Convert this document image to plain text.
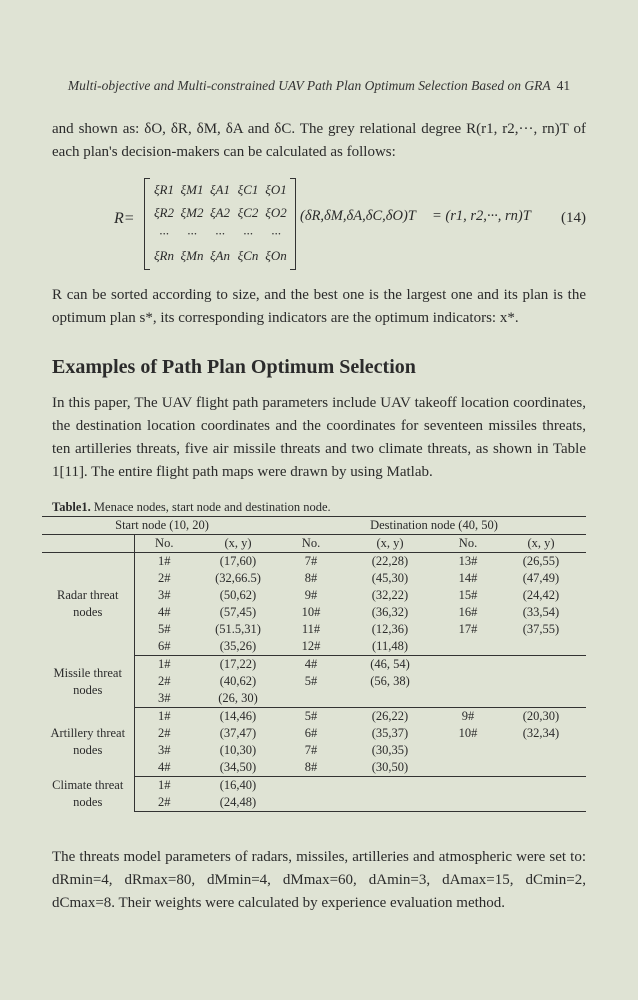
Multi-objective and Multi-constrained UAV Path Plan Optimum Selection Based on GRA 41

and shown as: δO, δR, δM, δA and δC. The grey relational degree R(r1, r2,···, rn)T of each plan's decision-makers can be calculated as follows:

R=
ξR1 ξM1 ξA1 ξC1 ξO1
ξR2 ξM2 ξA2 ξC2 ξO2
···	···	···	···	···
ξRn ξMn ξAn ξCn ξOn
(δR,δM,δA,δC,δO)T = (r1, r2,···, rn)T (14)

R can be sorted according to size, and the best one is the largest one and its plan is the optimum plan s*, its corresponding indicators are the optimum indicators: x*.

Examples of Path Plan Optimum Selection

In this paper, The UAV flight path parameters include UAV takeoff location coordinates, the destination location coordinates and the coordinates for seventeen missiles threats, ten artilleries threats, five air missile threats and two climate threats, as shown in Table 1[11]. The entire flight path maps were drawn by using Matlab.

Table1. Menace nodes, start node and destination node.
Start node (10, 20)			Destination node (40, 50)			
	No.	(x, y)	No.	(x, y)	No.	(x, y)
Radar threat nodes	1#	(17,60)	7#	(22,28)	13#	(26,55)
	2#	(32,66.5)	8#	(45,30)	14#	(47,49)
	3#	(50,62)	9#	(32,22)	15#	(24,42)
	4#	(57,45)	10#	(36,32)	16#	(33,54)
	5#	(51.5,31)	11#	(12,36)	17#	(37,55)
	6#	(35,26)	12#	(11,48)		
Missile threat nodes	1#	(17,22)	4#	(46, 54)		
	2#	(40,62)	5#	(56, 38)		
	3#	(26, 30)				
Artillery threat nodes	1#	(14,46)	5#	(26,22)	9#	(20,30)
	2#	(37,47)	6#	(35,37)	10#	(32,34)
	3#	(10,30)	7#	(30,35)		
	4#	(34,50)	8#	(30,50)		
Climate threat nodes	1#	(16,40)				
	2#	(24,48)				

The threats model parameters of radars, missiles, artilleries and atmospheric were set to: dRmin=4, dRmax=80, dMmin=4, dMmax=60, dAmin=3, dAmax=15, dCmin=2, dCmax=8. Their weights were calculated by experience evaluation method.
